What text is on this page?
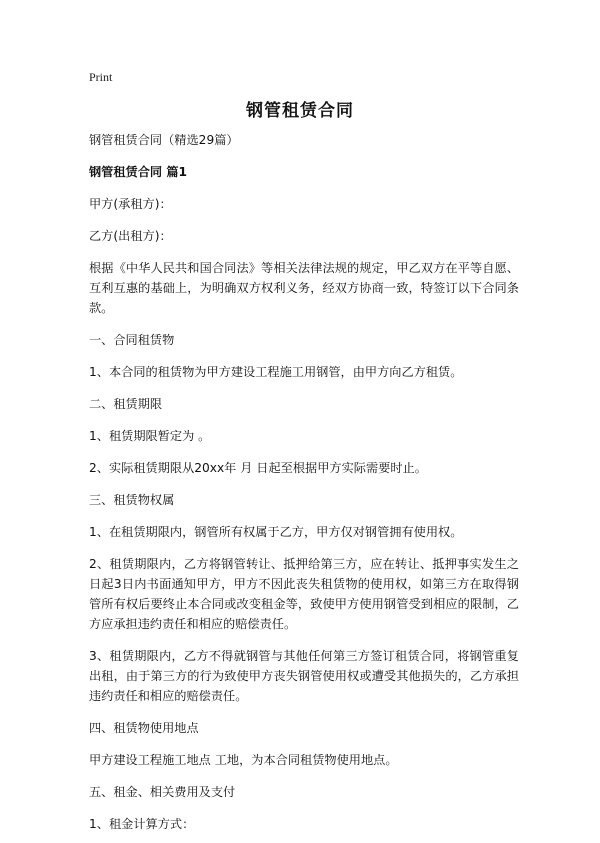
Print
钢管租赁合同

钢管租赁合同（精选29篇）

钢管租赁合同 篇1

甲方(承租方)：

乙方(出租方)：

根据《中华人民共和国合同法》等相关法律法规的规定，甲乙双方在平等自愿、互利互惠的基础上，为明确双方权利义务，经双方协商一致，特签订以下合同条款。

一、合同租赁物

1、本合同的租赁物为甲方建设工程施工用钢管，由甲方向乙方租赁。

二、租赁期限

1、租赁期限暂定为 。

2、实际租赁期限从20xx年 月 日起至根据甲方实际需要时止。

三、租赁物权属

1、在租赁期限内，钢管所有权属于乙方，甲方仅对钢管拥有使用权。

2、租赁期限内，乙方将钢管转让、抵押给第三方，应在转让、抵押事实发生之日起3日内书面通知甲方，甲方不因此丧失租赁物的使用权，如第三方在取得钢管所有权后要终止本合同或改变租金等，致使甲方使用钢管受到相应的限制，乙方应承担违约责任和相应的赔偿责任。

3、租赁期限内，乙方不得就钢管与其他任何第三方签订租赁合同，将钢管重复出租，由于第三方的行为致使甲方丧失钢管使用权或遭受其他损失的，乙方承担违约责任和相应的赔偿责任。

四、租赁物使用地点

甲方建设工程施工地点 工地，为本合同租赁物使用地点。

五、租金、相关费用及支付

1、租金计算方式：
